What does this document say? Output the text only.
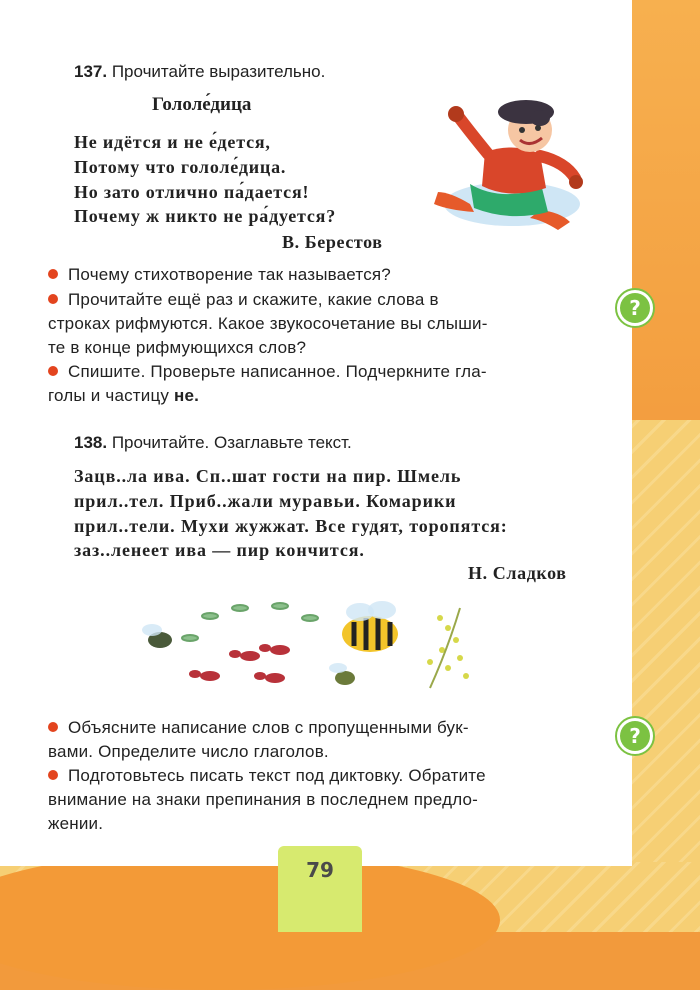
137. Прочитайте выразительно.
Гололе́дица
Не идётся и не е́дется,
Потому что гололе́дица.
Но зато отлично па́дается!
Почему ж никто не ра́дуется?
В. Берестов
Почему стихотворение так называется?
Прочитайте ещё раз и скажите, какие слова в
строках рифмуются. Какое звукосочетание вы слыши-
те в конце рифмующихся слов?
Спишите. Проверьте написанное. Подчеркните гла-
голы и частицу не.
?
138. Прочитайте. Озаглавьте текст.
Зацв..ла ива. Сп..шат гости на пир. Шмель
прил..тел. Приб..жали муравьи. Комарики
прил..тели. Мухи жужжат. Все гудят, торопятся:
заз..ленеет ива — пир кончится.
Н. Сладков
Объясните написание слов с пропущенными бук-
вами. Определите число глаголов.
Подготовьтесь писать текст под диктовку. Обратите
внимание на знаки препинания в последнем предло-
жении.
?
79
